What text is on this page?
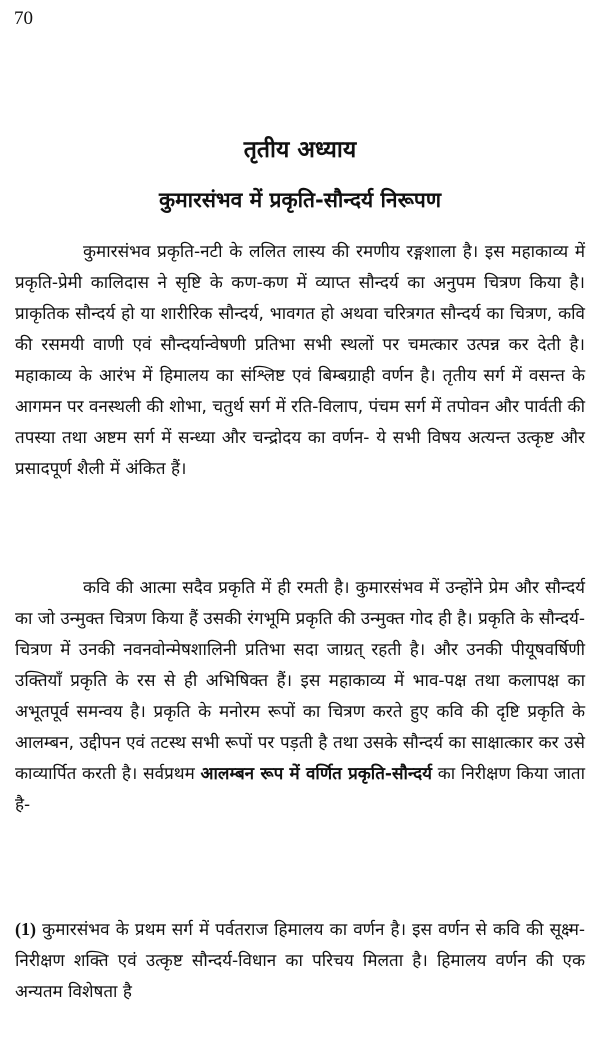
70
तृतीय अध्याय
कुमारसंभव में प्रकृति-सौन्दर्य निरूपण

कुमारसंभव प्रकृति-नटी के ललित लास्य की रमणीय रङ्गशाला है। इस महाकाव्य में प्रकृति-प्रेमी कालिदास ने सृष्टि के कण-कण में व्याप्त सौन्दर्य का अनुपम चित्रण किया है। प्राकृतिक सौन्दर्य हो या शारीरिक सौन्दर्य, भावगत हो अथवा चरित्रगत सौन्दर्य का चित्रण, कवि की रसमयी वाणी एवं सौन्दर्यान्वेषणी प्रतिभा सभी स्थलों पर चमत्कार उत्पन्न कर देती है। महाकाव्य के आरंभ में हिमालय का संश्लिष्ट एवं बिम्बग्राही वर्णन है। तृतीय सर्ग में वसन्त के आगमन पर वनस्थली की शोभा, चतुर्थ सर्ग में रति-विलाप, पंचम सर्ग में तपोवन और पार्वती की तपस्या तथा अष्टम सर्ग में सन्ध्या और चन्द्रोदय का वर्णन- ये सभी विषय अत्यन्त उत्कृष्ट और प्रसादपूर्ण शैली में अंकित हैं।

कवि की आत्मा सदैव प्रकृति में ही रमती है। कुमारसंभव में उन्होंने प्रेम और सौन्दर्य का जो उन्मुक्त चित्रण किया हैं उसकी रंगभूमि प्रकृति की उन्मुक्त गोद ही है। प्रकृति के सौन्दर्य-चित्रण में उनकी नवनवोन्मेषशालिनी प्रतिभा सदा जाग्रत् रहती है। और उनकी पीयूषवर्षिणी उक्तियाँ प्रकृति के रस से ही अभिषिक्त हैं। इस महाकाव्य में भाव-पक्ष तथा कलापक्ष का अभूतपूर्व समन्वय है। प्रकृति के मनोरम रूपों का चित्रण करते हुए कवि की दृष्टि प्रकृति के आलम्बन, उद्दीपन एवं तटस्थ सभी रूपों पर पड़ती है तथा उसके सौन्दर्य का साक्षात्कार कर उसे काव्यार्पित करती है। सर्वप्रथम आलम्बन रूप में वर्णित प्रकृति-सौन्दर्य का निरीक्षण किया जाता है-

(1) कुमारसंभव के प्रथम सर्ग में पर्वतराज हिमालय का वर्णन है। इस वर्णन से कवि की सूक्ष्म-निरीक्षण शक्ति एवं उत्कृष्ट सौन्दर्य-विधान का परिचय मिलता है। हिमालय वर्णन की एक अन्यतम विशेषता है
